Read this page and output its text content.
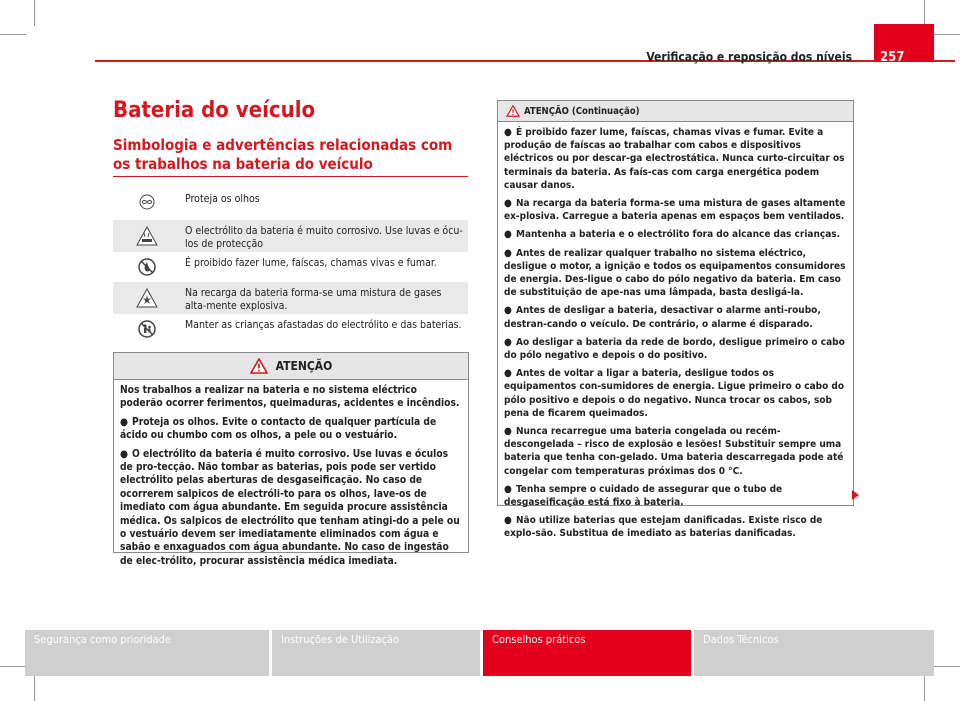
257
Verificação e reposição dos níveis
Bateria do veículo
Simbologia e advertências relacionadas com os trabalhos na bateria do veículo
Proteja os olhos
O electrólito da bateria é muito corrosivo. Use luvas e ócu-los de protecção
É proibido fazer lume, faíscas, chamas vivas e fumar.
Na recarga da bateria forma-se uma mistura de gases alta-mente explosiva.
Manter as crianças afastadas do electrólito e das baterias.
ATENÇÃO

Nos trabalhos a realizar na bateria e no sistema eléctrico poderão ocorrer ferimentos, queimaduras, acidentes e incêndios.

● Proteja os olhos. Evite o contacto de qualquer partícula de ácido ou chumbo com os olhos, a pele ou o vestuário.

● O electrólito da bateria é muito corrosivo. Use luvas e óculos de pro-tecção. Não tombar as baterias, pois pode ser vertido electrólito pelas aberturas de desgaseificação. No caso de ocorrerem salpicos de electróli-to para os olhos, lave-os de imediato com água abundante. Em seguida procure assistência médica. Os salpicos de electrólito que tenham atingi-do a pele ou o vestuário devem ser imediatamente eliminados com água e sabão e enxaguados com água abundante. No caso de ingestão de elec-trólito, procurar assistência médica imediata.

ATENÇÃO (Continuação)

● É proibido fazer lume, faíscas, chamas vivas e fumar. Evite a produção de faíscas ao trabalhar com cabos e dispositivos eléctricos ou por descar-ga electrostática. Nunca curto-circuitar os terminais da bateria. As faís-cas com carga energética podem causar danos.

● Na recarga da bateria forma-se uma mistura de gases altamente ex-plosiva. Carregue a bateria apenas em espaços bem ventilados.

● Mantenha a bateria e o electrólito fora do alcance das crianças.

● Antes de realizar qualquer trabalho no sistema eléctrico, desligue o motor, a ignição e todos os equipamentos consumidores de energia. Des-ligue o cabo do pólo negativo da bateria. Em caso de substituição de ape-nas uma lâmpada, basta desligá-la.

● Antes de desligar a bateria, desactivar o alarme anti-roubo, destran-cando o veículo. De contrário, o alarme é disparado.

● Ao desligar a bateria da rede de bordo, desligue primeiro o cabo do pólo negativo e depois o do positivo.

● Antes de voltar a ligar a bateria, desligue todos os equipamentos con-sumidores de energia. Ligue primeiro o cabo do pólo positivo e depois o do negativo. Nunca trocar os cabos, sob pena de ficarem queimados.

● Nunca recarregue uma bateria congelada ou recém-descongelada – risco de explosão e lesões! Substituir sempre uma bateria que tenha con-gelado. Uma bateria descarregada pode até congelar com temperaturas próximas dos 0 °C.

● Tenha sempre o cuidado de assegurar que o tubo de desgaseificação está fixo à bateria.

● Não utilize baterias que estejam danificadas. Existe risco de explo-são. Substitua de imediato as baterias danificadas.

Segurança como prioridade	Instruções de Utilização	Conselhos práticos	Dados Técnicos
